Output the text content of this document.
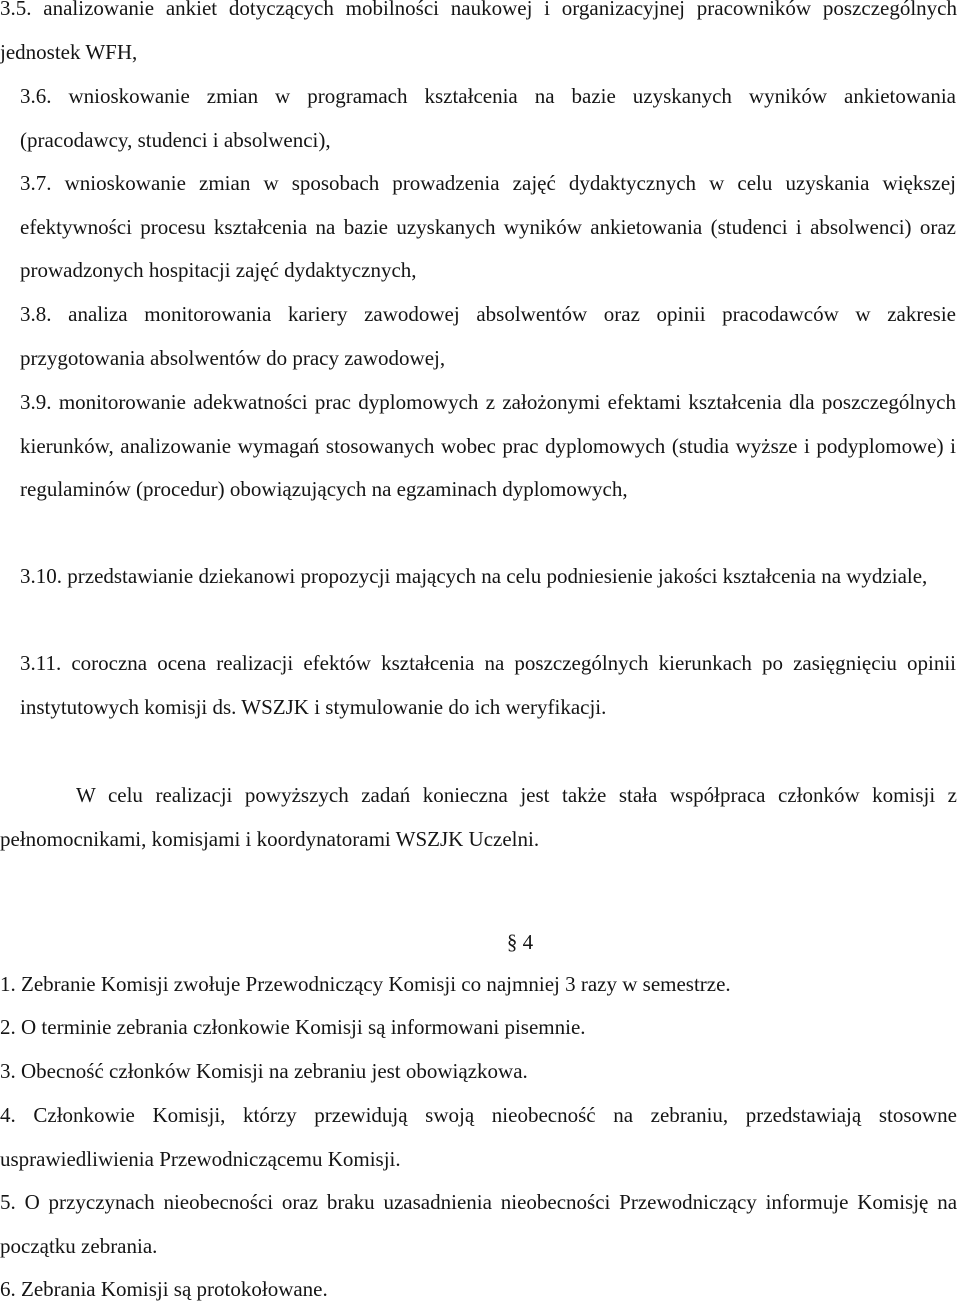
3.5. analizowanie ankiet dotyczących mobilności naukowej i organizacyjnej pracowników poszczególnych jednostek WFH,

3.6. wnioskowanie zmian w programach kształcenia na bazie uzyskanych wyników ankietowania (pracodawcy, studenci i absolwenci),

3.7. wnioskowanie zmian w sposobach prowadzenia zajęć dydaktycznych w celu uzyskania większej efektywności procesu kształcenia na bazie uzyskanych wyników ankietowania (studenci i absolwenci) oraz prowadzonych hospitacji zajęć dydaktycznych,

3.8. analiza monitorowania kariery zawodowej absolwentów oraz opinii pracodawców w zakresie przygotowania absolwentów do pracy zawodowej,

3.9. monitorowanie adekwatności prac dyplomowych z założonymi efektami kształcenia dla poszczególnych kierunków, analizowanie wymagań stosowanych wobec prac dyplomowych (studia wyższe i podyplomowe) i regulaminów (procedur) obowiązujących na egzaminach dyplomowych,

3.10. przedstawianie dziekanowi propozycji mających na celu podniesienie jakości kształcenia na wydziale,

3.11. coroczna ocena realizacji efektów kształcenia na poszczególnych kierunkach po zasięgnięciu opinii instytutowych komisji ds. WSZJK i stymulowanie do ich weryfikacji.

W celu realizacji powyższych zadań konieczna jest także stała współpraca członków komisji z pełnomocnikami, komisjami i koordynatorami WSZJK Uczelni.

§ 4

1. Zebranie Komisji zwołuje Przewodniczący Komisji co najmniej 3 razy w semestrze.

2. O terminie zebrania członkowie Komisji są informowani pisemnie.

3. Obecność członków Komisji na zebraniu jest obowiązkowa.

4. Członkowie Komisji, którzy przewidują swoją nieobecność na zebraniu, przedstawiają stosowne usprawiedliwienia Przewodniczącemu Komisji.

5. O przyczynach nieobecności oraz braku uzasadnienia nieobecności Przewodniczący informuje Komisję na początku zebrania.

6. Zebrania Komisji są protokołowane.
